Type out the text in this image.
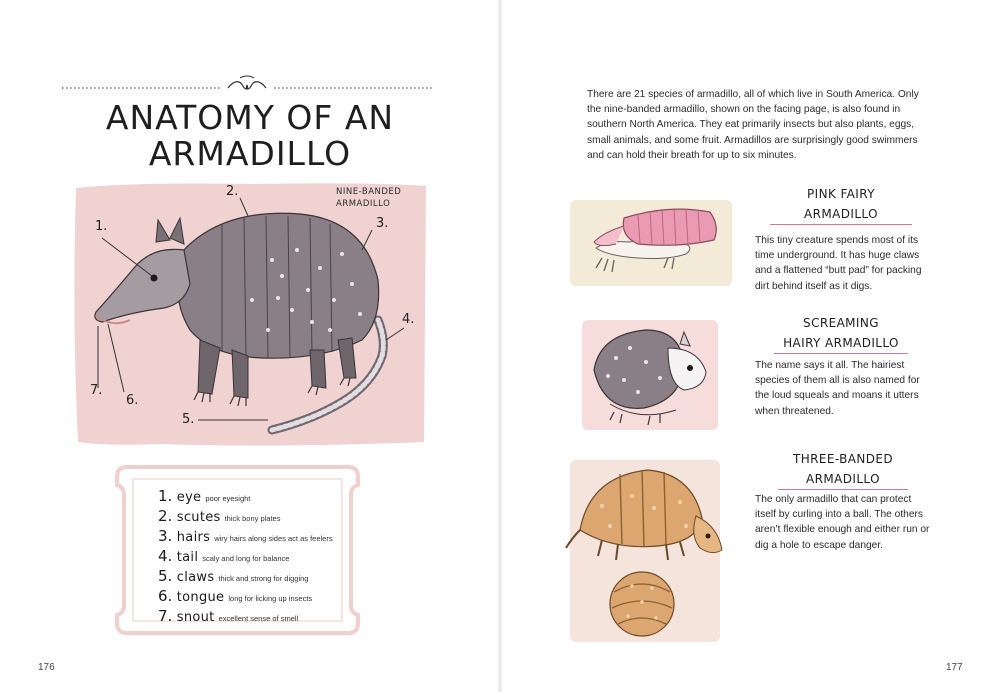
ANATOMY OF AN
ARMADILLO
1.
2.
3.
4.
5.
6.
7.
NINE-BANDED
ARMADILLO
1. eye poor eyesight
2. scutes thick bony plates
3. hairs wiry hairs along sides act as feelers
4. tail scaly and long for balance
5. claws thick and strong for digging
6. tongue long for licking up insects
7. snout excellent sense of smell
176

There are 21 species of armadillo, all of which live in South America. Only the nine-banded armadillo, shown on the facing page, is also found in southern North America. They eat primarily insects but also plants, eggs, small animals, and some fruit. Armadillos are surprisingly good swimmers and can hold their breath for up to six minutes.

PINK FAIRY
ARMADILLO

This tiny creature spends most of its time underground. It has huge claws and a flattened “butt pad” for packing dirt behind itself as it digs.

SCREAMING
HAIRY ARMADILLO

The name says it all. The hairiest species of them all is also named for the loud squeals and moans it utters when threatened.

THREE-BANDED
ARMADILLO

The only armadillo that can protect itself by curling into a ball. The others aren’t flexible enough and either run or dig a hole to escape danger.

177
